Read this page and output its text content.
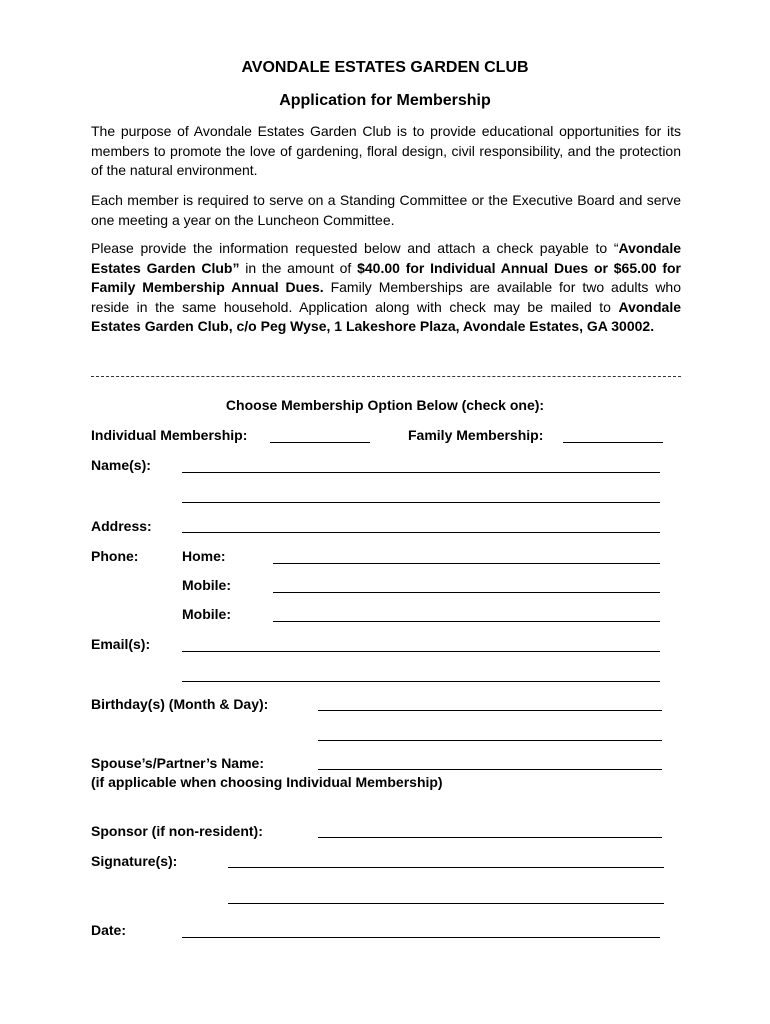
AVONDALE ESTATES GARDEN CLUB
Application for Membership
The purpose of Avondale Estates Garden Club is to provide educational opportunities for its members to promote the love of gardening, floral design, civil responsibility, and the protection of the natural environment.
Each member is required to serve on a Standing Committee or the Executive Board and serve one meeting a year on the Luncheon Committee.
Please provide the information requested below and attach a check payable to “Avondale Estates Garden Club” in the amount of $40.00 for Individual Annual Dues or $65.00 for Family Membership Annual Dues. Family Memberships are available for two adults who reside in the same household. Application along with check may be mailed to Avondale Estates Garden Club, c/o Peg Wyse, 1 Lakeshore Plaza, Avondale Estates, GA 30002.
Choose Membership Option Below (check one):
Individual Membership:	Family Membership:
Name(s):
Address:
Phone:	Home:
Mobile:
Mobile:
Email(s):
Birthday(s) (Month & Day):
Spouse’s/Partner’s Name:
(if applicable when choosing Individual Membership)
Sponsor (if non-resident):
Signature(s):
Date:
